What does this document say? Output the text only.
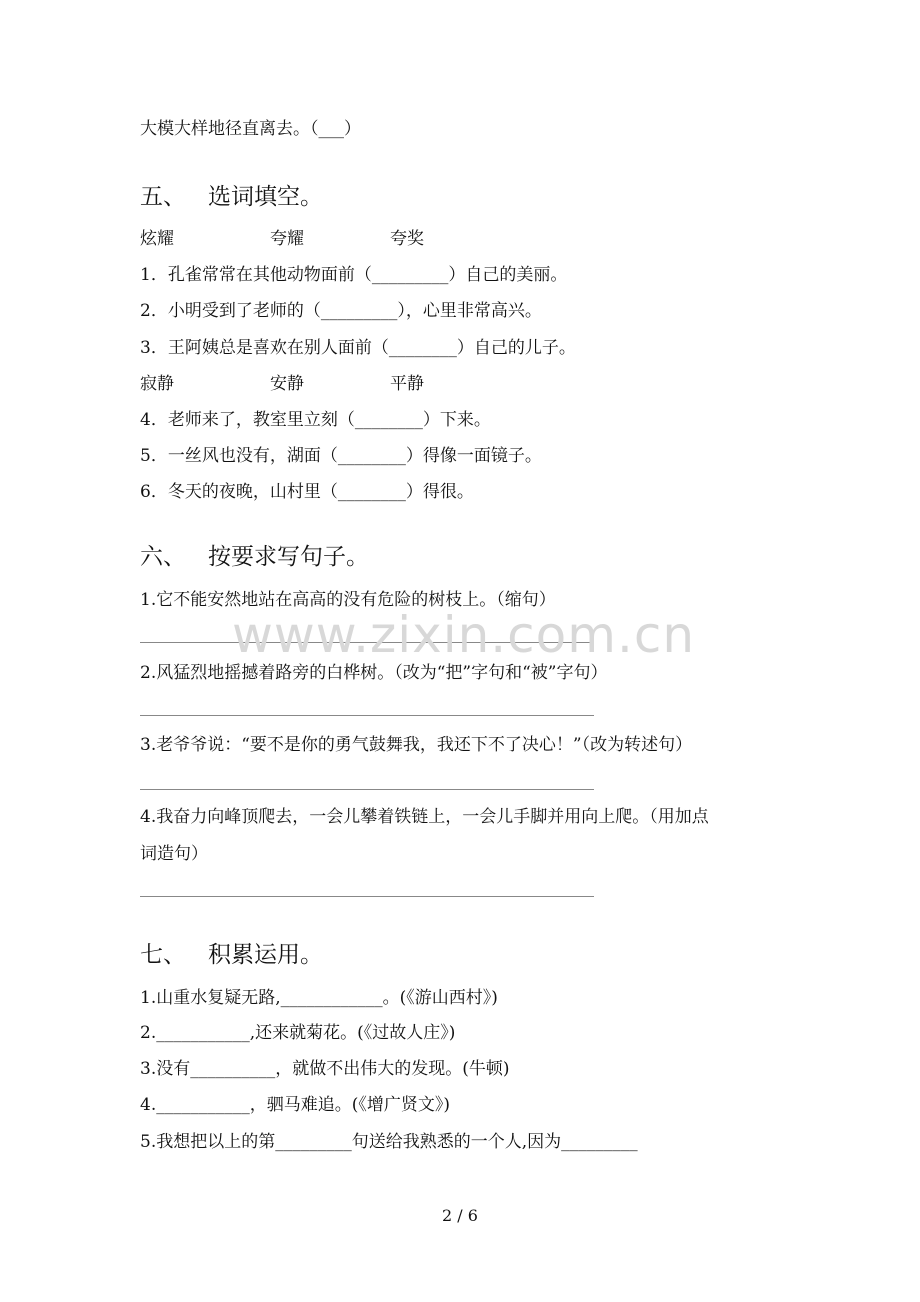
大模大样地径直离去。（___）
五、 选词填空。
炫耀	夸耀	夸奖
1．孔雀常常在其他动物面前（_________）自己的美丽。
2．小明受到了老师的（_________），心里非常高兴。
3．王阿姨总是喜欢在别人面前（________）自己的儿子。
寂静	安静	平静
4．老师来了，教室里立刻（________）下来。
5．一丝风也没有，湖面（________）得像一面镜子。
6．冬天的夜晚，山村里（________）得很。
六、 按要求写句子。
1.它不能安然地站在高高的没有危险的树枝上。（缩句）
2.风猛烈地摇撼着路旁的白桦树。（改为“把”字句和“被”字句）
3.老爷爷说：“要不是你的勇气鼓舞我，我还下不了决心！”（改为转述句）
4.我奋力向峰顶爬去，一会儿攀着铁链上，一会儿手脚并用向上爬。（用加点
词造句）
七、 积累运用。
1.山重水复疑无路,____________。(《游山西村》)
2.___________,还来就菊花。(《过故人庄》)
3.没有__________，就做不出伟大的发现。(牛顿)
4.___________，驷马难追。(《增广贤文》)
5.我想把以上的第_________句送给我熟悉的一个人,因为_________
www.zixin.com.cn
2 / 6
